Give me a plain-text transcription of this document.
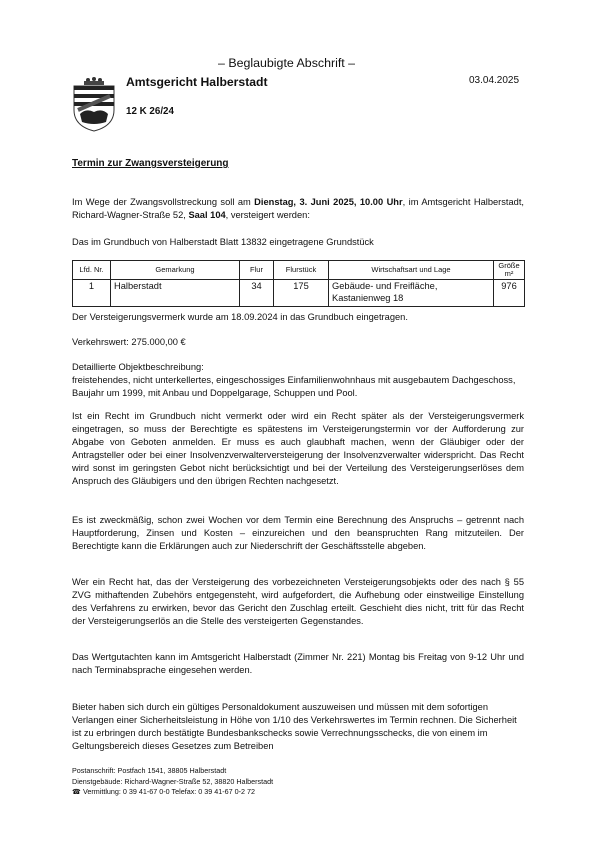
– Beglaubigte Abschrift –
Amtsgericht Halberstadt
12 K 26/24
03.04.2025
Termin zur Zwangsversteigerung
Im Wege der Zwangsvollstreckung soll am Dienstag, 3. Juni 2025, 10.00 Uhr, im Amtsgericht Halberstadt, Richard-Wagner-Straße 52, Saal 104, versteigert werden:
Das im Grundbuch von Halberstadt Blatt 13832 eingetragene Grundstück
Lfd. Nr.	Gemarkung	Flur	Flurstück	Wirtschaftsart und Lage	Größe m²
1	Halberstadt	34	175	Gebäude- und Freifläche,
Kastanienweg 18	976
Der Versteigerungsvermerk wurde am 18.09.2024 in das Grundbuch eingetragen.
Verkehrswert: 275.000,00 €
Detaillierte Objektbeschreibung:
freistehendes, nicht unterkellertes, eingeschossiges Einfamilienwohnhaus mit ausgebautem Dachgeschoss, Baujahr um 1999, mit Anbau und Doppelgarage, Schuppen und Pool.
Ist ein Recht im Grundbuch nicht vermerkt oder wird ein Recht später als der Versteigerungsvermerk eingetragen, so muss der Berechtigte es spätestens im Versteigerungstermin vor der Aufforderung zur Abgabe von Geboten anmelden. Er muss es auch glaubhaft machen, wenn der Gläubiger oder der Antragsteller oder bei einer Insolvenzverwalterversteigerung der Insolvenzverwalter widerspricht. Das Recht wird sonst im geringsten Gebot nicht berücksichtigt und bei der Verteilung des Versteigerungserlöses dem Anspruch des Gläubigers und den übrigen Rechten nachgesetzt.
Es ist zweckmäßig, schon zwei Wochen vor dem Termin eine Berechnung des Anspruchs – getrennt nach Hauptforderung, Zinsen und Kosten – einzureichen und den beanspruchten Rang mitzuteilen. Der Berechtigte kann die Erklärungen auch zur Niederschrift der Geschäftsstelle abgeben.
Wer ein Recht hat, das der Versteigerung des vorbezeichneten Versteigerungsobjekts oder des nach § 55 ZVG mithaftenden Zubehörs entgegensteht, wird aufgefordert, die Aufhebung oder einstweilige Einstellung des Verfahrens zu erwirken, bevor das Gericht den Zuschlag erteilt. Geschieht dies nicht, tritt für das Recht der Versteigerungserlös an die Stelle des versteigerten Gegenstandes.
Das Wertgutachten kann im Amtsgericht Halberstadt (Zimmer Nr. 221) Montag bis Freitag von 9-12 Uhr und nach Terminabsprache eingesehen werden.
Bieter haben sich durch ein gültiges Personaldokument auszuweisen und müssen mit dem sofortigen Verlangen einer Sicherheitsleistung in Höhe von 1/10 des Verkehrswertes im Termin rechnen. Die Sicherheit ist zu erbringen durch bestätigte Bundesbankschecks sowie Verrechnungsschecks, die von einem im Geltungsbereich dieses Gesetzes zum Betreiben
Postanschrift: Postfach 1541, 38805 Halberstadt
Dienstgebäude: Richard-Wagner-Straße 52, 38820 Halberstadt
☎ Vermittlung: 0 39 41-67 0-0 Telefax: 0 39 41-67 0-2 72
